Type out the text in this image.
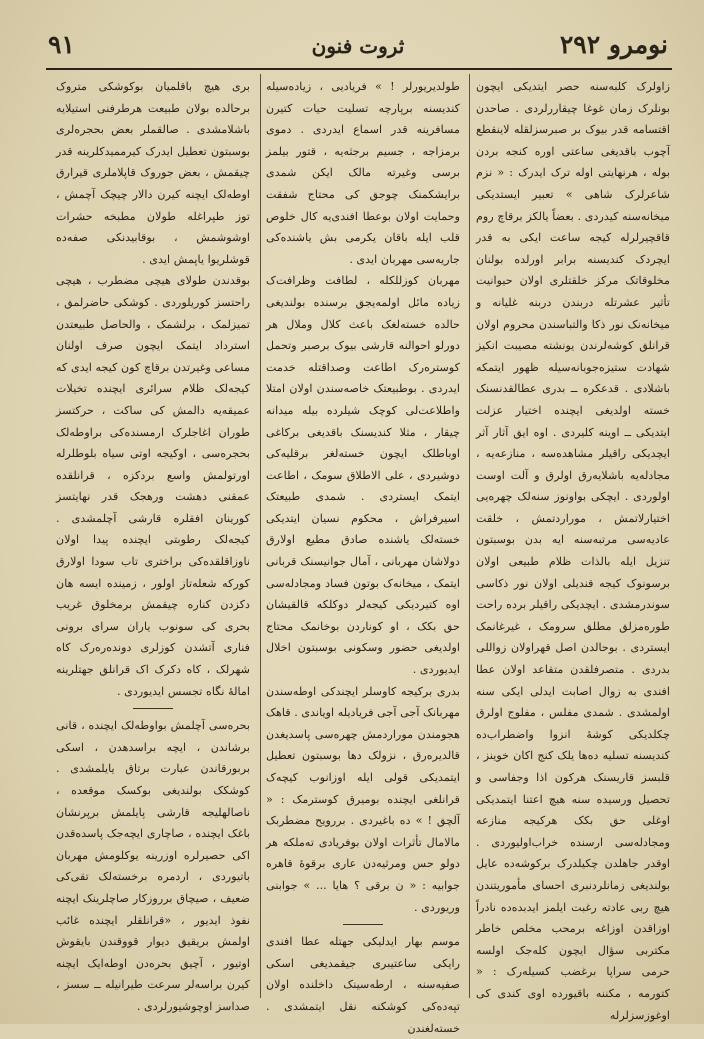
نومرو ۲۹۲
ثروت فنون
٩١

زاولرک کلبه‌سنه حصر ایتدیکی ایچون بونلرک زمان غوغا چیقاررلردی . صاحدن اقتسامه قدر بیوک بر صبرسزلقله لاینقطع آچوب باقدیغی ساعتی اوره کنجه بردن بوله ، هرنهایتی اوله ترک ایدرک : « نزم شاعرلرک شاهی » تعبیر ایستدیکی میخانه‌سنه کیدردی . بعضاً یالکز برقاچ روم قاقچیرلرله کیجه ساعت ایکی به قدر ایچردک کندیسنه برابر اورلده بولنان مخلوقاتک مرکز خلقتلری اولان حیوانیت تأثیر عشرتله دربندن دربنه غلیانه و میخانه‌نک نور ذکا والتباسندن محروم اولان قرانلق کوشه‌لرندن یونشته مصیبت انکیز شهادت ستیزه‌جوبانه‌سیله ظهور ایتمکه باشلادی . قدعکره ــ بدری عطالقدنسنک خسته اولدیغی ایچنده اختیار عزلت ایتدیکی ــ اوینه کلیردی . اوه ایق آثار آثر ایچدیکی راقیلر مشاهده‌سه ، منازعه‌یه ، مجادله‌یه باشلایه‌رق اولرق و آلت اوست اولوردی . ایچکی بواونوز سنه‌لک چهره‌یی اختیارلاتمش ، موراردتمش ، خلقت عادیه‌سی مرتبه‌سنه ایه بدن بوسبتون تنزیل ایله بالذات ظلام طبیعی اولان برسونوک کیجه قندیلی اولان نور ذکاسی سوندرمشدی . ایچدیکی راقیلر برده راحت طوره‌مزلق مطلق سرومک ، غیرغانمک ایستردی . بوحالدن اصل قهراولان زواللی بدردی . متصرفلقدن متقاعد اولان عطا افندی به زوال اصابت ایدلی ایکی سنه اولمشدی . شمدی مفلس ، مفلوج اولرق چکلدیکی کوشهٔ انزوا واضطراب‌ده کندیسنه تسلیه ده‌ها یلک کنج اکان خوینز ، قلبسز قاریسنک هرکون اذا وجفاسی و تحصیل ورسیده سنه هیچ اعتنا ایتمدیکی اوغلی حق بکک هرکیجه منازعه ومجادله‌سی ارسنده خراب‌اولیوردی . اوقدر جاهلدن چکیلدرک برکوشه‌ده عایل بولندیغی زمانلردنبری احسای مأموریتندن هیچ ربی عادته رغبت ایلمز ایدبده‌ده نادراً اوزاقدن اوزاغه برمحب مخلص خاطر مکتربی سؤال ایچون کله‌جک اولسه حرمی سراپا برغضب کسیله‌رک : « کتورمه ، مکننه باقیورده اوی کندی کی اوغوزسزلرله

طولدیریورلر ! » فریادیی ، زیاده‌سیله کندیسنه برپارچه تسلیت حیات کتیرن مسافرینه قدر اسماع ایدردی . دموی برمزاجه ، جسیم برجثه‌یه ، قتور بیلمز برسی وغیرته مالک ایکن شمدی برایشکمنک چوجق کی محتاج شفقت وحمایت اولان بوعطا افندی‌یه کال خلوص قلب ایله باقان یکرمی بش یاشنده‌کی جاریه‌سی مهربان ایدی .

مهربان کوزللکله ، لطافت وظرافت‌ک زیاده مائل اولمه‌یجق برسنده بولندیغی حالده خسته‌لغک باعث کلال وملال هر دورلو احوالنه قارشی بیوک برصبر وتحمل کوستره‌رک اطاعت وصداقتله خدمت ایدردی . بوطبیعتک خاصه‌سندن اولان امتلا واطلاعت‌لی کوچک شیلرده بیله میدانه چیقار ، مثلا کندیسنک باقدیغی برکاغی اوباطلک ایچون خسته‌لغر برقلیه‌کی دوشیردی ، علی الاطلاق سومک ، اطاعت ایتمک ایستردی . شمدی طبیعتک اسیرفراش ، محکوم نسیان ایتدیکی خسته‌لک یاشنده صادق مطیع اولارق دولاشان مهربانی ، آمال جوانیسنک قربانی ایتمک ، میخانه‌ک بوتون فساد ومجادله‌سی اوه کتیردیکی کیجه‌لر دوکلکه قالقیشان حق بکک ، او کوناردن بوخانمک محتاج اولدیغی حضور وسکونی بوسبتون اخلال ایدیوردی .

بدری برکیجه کاوسلر ایچندکی اوطه‌سندن مهربانک آجی آجی فریادیله اویاندی . قاهک هجومندن موراردمش چهره‌سی پاسدیغدن قالدیره‌رق ، نزولک دها بوسبتون تعطیل ایتمدیکی قولی ایله اوزانوب کیچه‌ک قرانلغی ایچنده بومیرق کوسترمک : « آلچق ! » ده باغیردی . بررویح مضطربک مالامال تأثرات اولان بوفریادی ته‌ملکه هر دولو حس ومرثیه‌دن عاری برقوهٔ قاهره جوابیه : « ن برقی ؟ هایا ... » جوابنی وریوردی .

موسم بهار ایدلیکی جهتله عطا افندی رایکی ساعتیبری جیقمدیغی اسکی صفیه‌سنه ، ارطه‌سینک داخلنده اولان تپه‌ده‌کی کوشکنه نقل ایتمشدی . خسته‌لغندن

بری هیچ باقلمیان بوکوشکی متروک برحالده بولان طبیعت هرطرفنی استیلایه باشلامشدی . صالقملر بعض بحجره‌لری بوسبتون تعطیل ایدرک کیرممیدکلرینه قدر چیقمش ، بعض جوروک قاپلاملری قیرارق اوطه‌لک ایچنه کیرن دالار چیچک آچمش ، توز طپراغله طولان مطبخه حشرات اوشوشمش ، بوقابیدنکی صفه‌ده قوشلریوا یاپمش ایدی .

بوقدندن طولای هیچی مضطرب ، هیچی راحتسز کوریلوردی . کوشکی حاضرلمق ، تمیزلمک ، برلشمک ، والحاصل طبیعتدن استرداد ایتمک ایچون صرف اولنان مساعی وغیرتدن برقاچ کون کیجه ایدی که کیجه‌لک ظلام سرائری ایچنده تخیلات عمیقه‌یه دالمش کی ساکت ، حرکتسز طوران اغاجلرک ارمسنده‌کی براوطه‌لک بحجره‌سی ، اوکیجه اوتی سیاه بلوطلرله اورتولمش واسع بردکزه ، قرانلقده عمقنی دهشت ورهجک قدر نهایتسز کورینان افقلره قارشی آچلمشدی . کیجه‌لک رطوبتی ایچنده پیدا اولان ناوزاقلقده‌کی براختری تاب سودا اولارق کورکه شعله‌تاز اولور ، زمینده ایسه هان دکزدن کناره چیقمش برمخلوق غریب بحری کی سونوب یاران سرای برونی فناری آتشدن کوزلری دونده‌ره‌رک کاه شهرلک ، کاه دکرک اک قرانلق جهتلرینه امالهٔ نگاه تجسس ایدیوردی .

بحره‌سی آچلمش بواوطه‌لک ایچنده ، قانی برشاندن ، ایچه براسدهدن ، اسکی بربورقاندن عبارت برتاق یایلمشدی . کوشکک بولندیغی بوکسک موقعده ، ناصالهلیجه قارشی پایلمش برپرنشان باغک ایچنده ، صاچاری ایچه‌جک پاسده‌قدن اکی حصیرلره اوزرینه یوکلومش مهربان باتیوردی ، اردمره برخسته‌لک تقی‌کی ضعیف ، صیچاق برروزکار صاچلرینک ایچنه نفوذ ایدیور ، «قرانلقلر ایچنده غائب اولمش بریقیق دیوار قووقندن بایقوش اوتیور ، آچیق بحره‌دن اوطه‌ایک ایچنه کیرن براسه‌لر سرعت طیرانیله ــ سسز ، صداسز اوچوشیورلردی .
